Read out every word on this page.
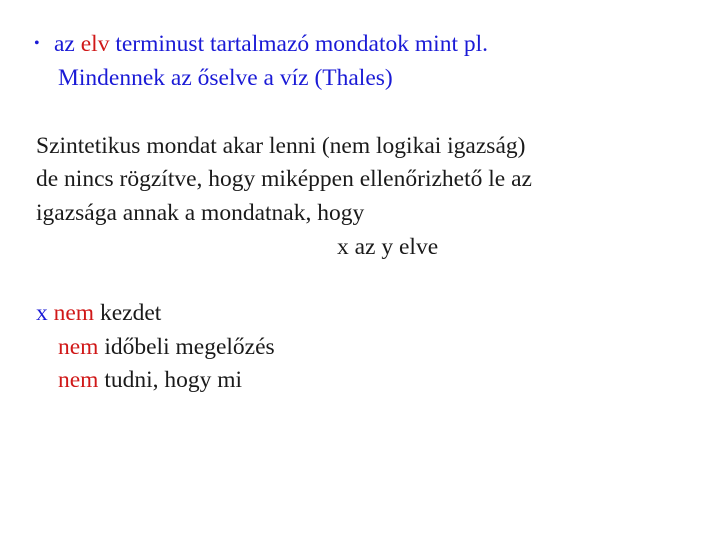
• az elv terminust tartalmazó mondatok mint pl.
Mindennek az őselve a víz (Thales)
Szintetikus mondat akar lenni (nem logikai igazság)
de nincs rögzítve, hogy miképpen ellenőrizhető le az
igazsága annak a mondatnak, hogy
x az y elve
x nem kezdet
nem időbeli megelőzés
nem tudni, hogy mi
